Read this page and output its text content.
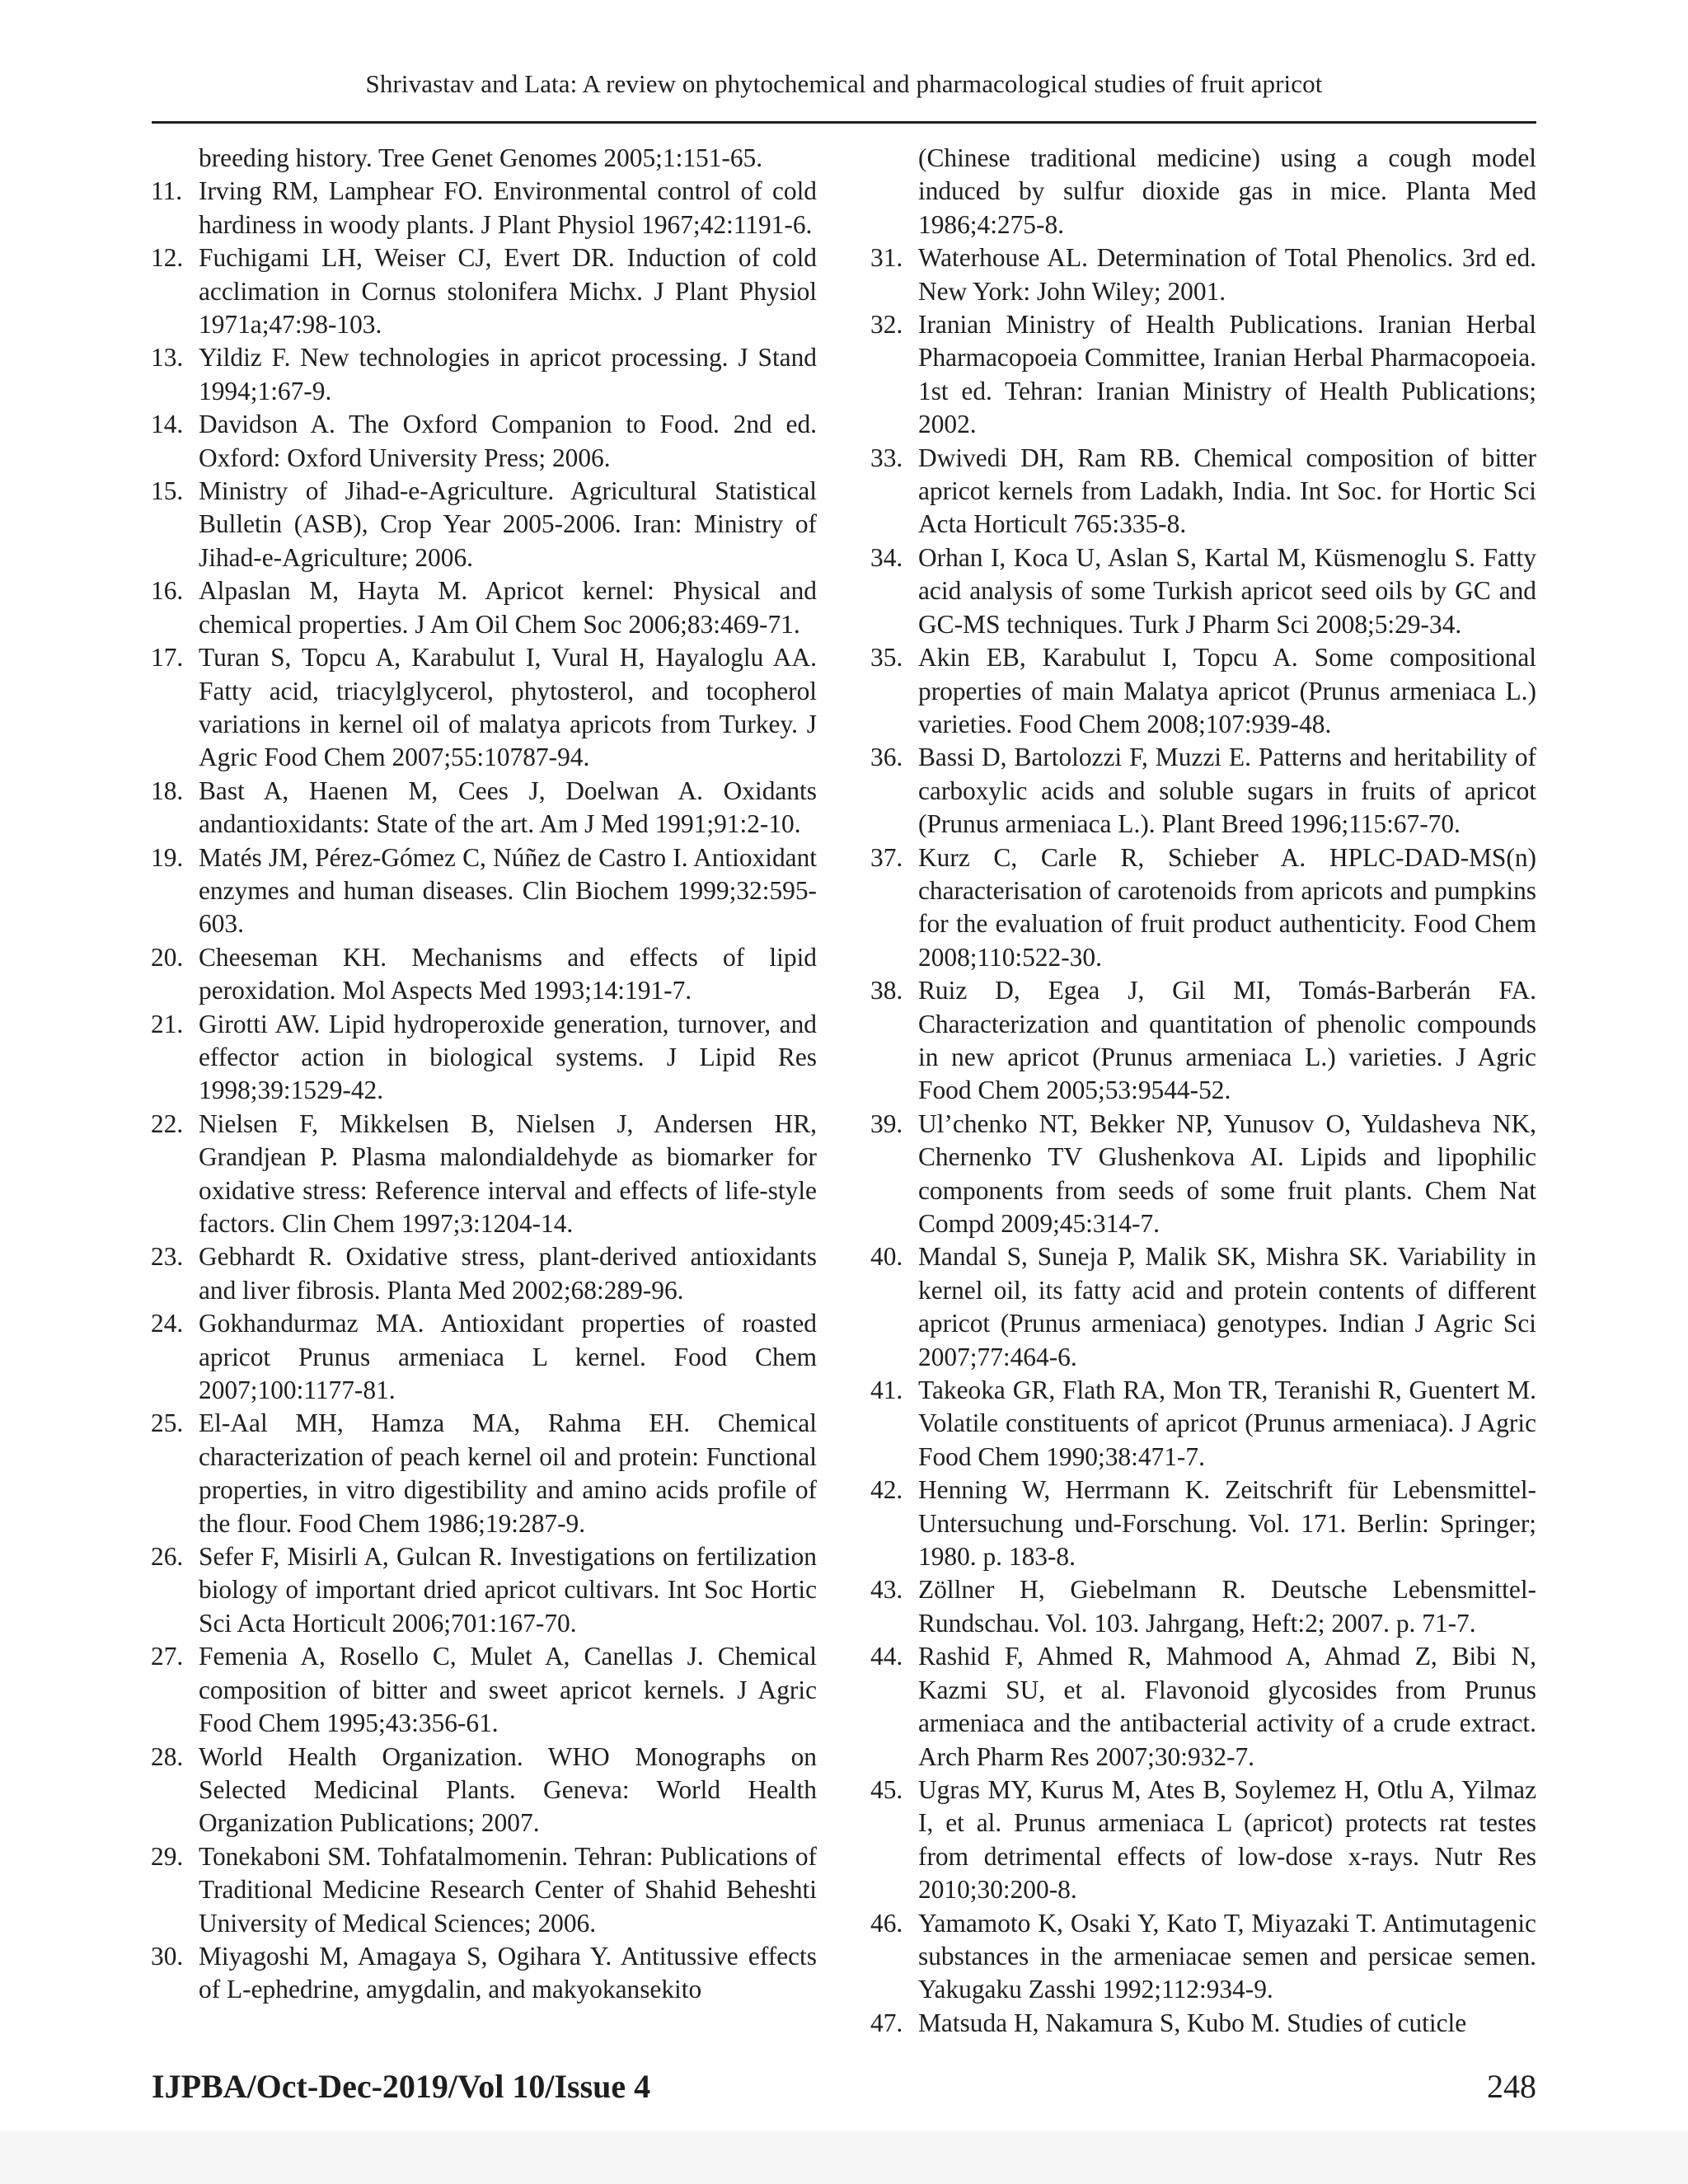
Shrivastav and Lata: A review on phytochemical and pharmacological studies of fruit apricot
breeding history. Tree Genet Genomes 2005;1:151-65.
11. Irving RM, Lamphear FO. Environmental control of cold hardiness in woody plants. J Plant Physiol 1967;42:1191-6.
12. Fuchigami LH, Weiser CJ, Evert DR. Induction of cold acclimation in Cornus stolonifera Michx. J Plant Physiol 1971a;47:98-103.
13. Yildiz F. New technologies in apricot processing. J Stand 1994;1:67-9.
14. Davidson A. The Oxford Companion to Food. 2nd ed. Oxford: Oxford University Press; 2006.
15. Ministry of Jihad-e-Agriculture. Agricultural Statistical Bulletin (ASB), Crop Year 2005-2006. Iran: Ministry of Jihad-e-Agriculture; 2006.
16. Alpaslan M, Hayta M. Apricot kernel: Physical and chemical properties. J Am Oil Chem Soc 2006;83:469-71.
17. Turan S, Topcu A, Karabulut I, Vural H, Hayaloglu AA. Fatty acid, triacylglycerol, phytosterol, and tocopherol variations in kernel oil of malatya apricots from Turkey. J Agric Food Chem 2007;55:10787-94.
18. Bast A, Haenen M, Cees J, Doelwan A. Oxidants andantioxidants: State of the art. Am J Med 1991;91:2-10.
19. Matés JM, Pérez-Gómez C, Núñez de Castro I. Antioxidant enzymes and human diseases. Clin Biochem 1999;32:595-603.
20. Cheeseman KH. Mechanisms and effects of lipid peroxidation. Mol Aspects Med 1993;14:191-7.
21. Girotti AW. Lipid hydroperoxide generation, turnover, and effector action in biological systems. J Lipid Res 1998;39:1529-42.
22. Nielsen F, Mikkelsen B, Nielsen J, Andersen HR, Grandjean P. Plasma malondialdehyde as biomarker for oxidative stress: Reference interval and effects of life-style factors. Clin Chem 1997;3:1204-14.
23. Gebhardt R. Oxidative stress, plant-derived antioxidants and liver fibrosis. Planta Med 2002;68:289-96.
24. Gokhandurmaz MA. Antioxidant properties of roasted apricot Prunus armeniaca L kernel. Food Chem 2007;100:1177-81.
25. El-Aal MH, Hamza MA, Rahma EH. Chemical characterization of peach kernel oil and protein: Functional properties, in vitro digestibility and amino acids profile of the flour. Food Chem 1986;19:287-9.
26. Sefer F, Misirli A, Gulcan R. Investigations on fertilization biology of important dried apricot cultivars. Int Soc Hortic Sci Acta Horticult 2006;701:167-70.
27. Femenia A, Rosello C, Mulet A, Canellas J. Chemical composition of bitter and sweet apricot kernels. J Agric Food Chem 1995;43:356-61.
28. World Health Organization. WHO Monographs on Selected Medicinal Plants. Geneva: World Health Organization Publications; 2007.
29. Tonekaboni SM. Tohfatalmomenin. Tehran: Publications of Traditional Medicine Research Center of Shahid Beheshti University of Medical Sciences; 2006.
30. Miyagoshi M, Amagaya S, Ogihara Y. Antitussive effects of L-ephedrine, amygdalin, and makyokansekito
(Chinese traditional medicine) using a cough model induced by sulfur dioxide gas in mice. Planta Med 1986;4:275-8.
31. Waterhouse AL. Determination of Total Phenolics. 3rd ed. New York: John Wiley; 2001.
32. Iranian Ministry of Health Publications. Iranian Herbal Pharmacopoeia Committee, Iranian Herbal Pharmacopoeia. 1st ed. Tehran: Iranian Ministry of Health Publications; 2002.
33. Dwivedi DH, Ram RB. Chemical composition of bitter apricot kernels from Ladakh, India. Int Soc. for Hortic Sci Acta Horticult 765:335-8.
34. Orhan I, Koca U, Aslan S, Kartal M, Küsmenoglu S. Fatty acid analysis of some Turkish apricot seed oils by GC and GC-MS techniques. Turk J Pharm Sci 2008;5:29-34.
35. Akin EB, Karabulut I, Topcu A. Some compositional properties of main Malatya apricot (Prunus armeniaca L.) varieties. Food Chem 2008;107:939-48.
36. Bassi D, Bartolozzi F, Muzzi E. Patterns and heritability of carboxylic acids and soluble sugars in fruits of apricot (Prunus armeniaca L.). Plant Breed 1996;115:67-70.
37. Kurz C, Carle R, Schieber A. HPLC-DAD-MS(n) characterisation of carotenoids from apricots and pumpkins for the evaluation of fruit product authenticity. Food Chem 2008;110:522-30.
38. Ruiz D, Egea J, Gil MI, Tomás-Barberán FA. Characterization and quantitation of phenolic compounds in new apricot (Prunus armeniaca L.) varieties. J Agric Food Chem 2005;53:9544-52.
39. Ul’chenko NT, Bekker NP, Yunusov O, Yuldasheva NK, Chernenko TV Glushenkova AI. Lipids and lipophilic components from seeds of some fruit plants. Chem Nat Compd 2009;45:314-7.
40. Mandal S, Suneja P, Malik SK, Mishra SK. Variability in kernel oil, its fatty acid and protein contents of different apricot (Prunus armeniaca) genotypes. Indian J Agric Sci 2007;77:464-6.
41. Takeoka GR, Flath RA, Mon TR, Teranishi R, Guentert M. Volatile constituents of apricot (Prunus armeniaca). J Agric Food Chem 1990;38:471-7.
42. Henning W, Herrmann K. Zeitschrift für Lebensmittel-Untersuchung und-Forschung. Vol. 171. Berlin: Springer; 1980. p. 183-8.
43. Zöllner H, Giebelmann R. Deutsche Lebensmittel-Rundschau. Vol. 103. Jahrgang, Heft:2; 2007. p. 71-7.
44. Rashid F, Ahmed R, Mahmood A, Ahmad Z, Bibi N, Kazmi SU, et al. Flavonoid glycosides from Prunus armeniaca and the antibacterial activity of a crude extract. Arch Pharm Res 2007;30:932-7.
45. Ugras MY, Kurus M, Ates B, Soylemez H, Otlu A, Yilmaz I, et al. Prunus armeniaca L (apricot) protects rat testes from detrimental effects of low-dose x-rays. Nutr Res 2010;30:200-8.
46. Yamamoto K, Osaki Y, Kato T, Miyazaki T. Antimutagenic substances in the armeniacae semen and persicae semen. Yakugaku Zasshi 1992;112:934-9.
47. Matsuda H, Nakamura S, Kubo M. Studies of cuticle
IJPBA/Oct-Dec-2019/Vol 10/Issue 4	248
